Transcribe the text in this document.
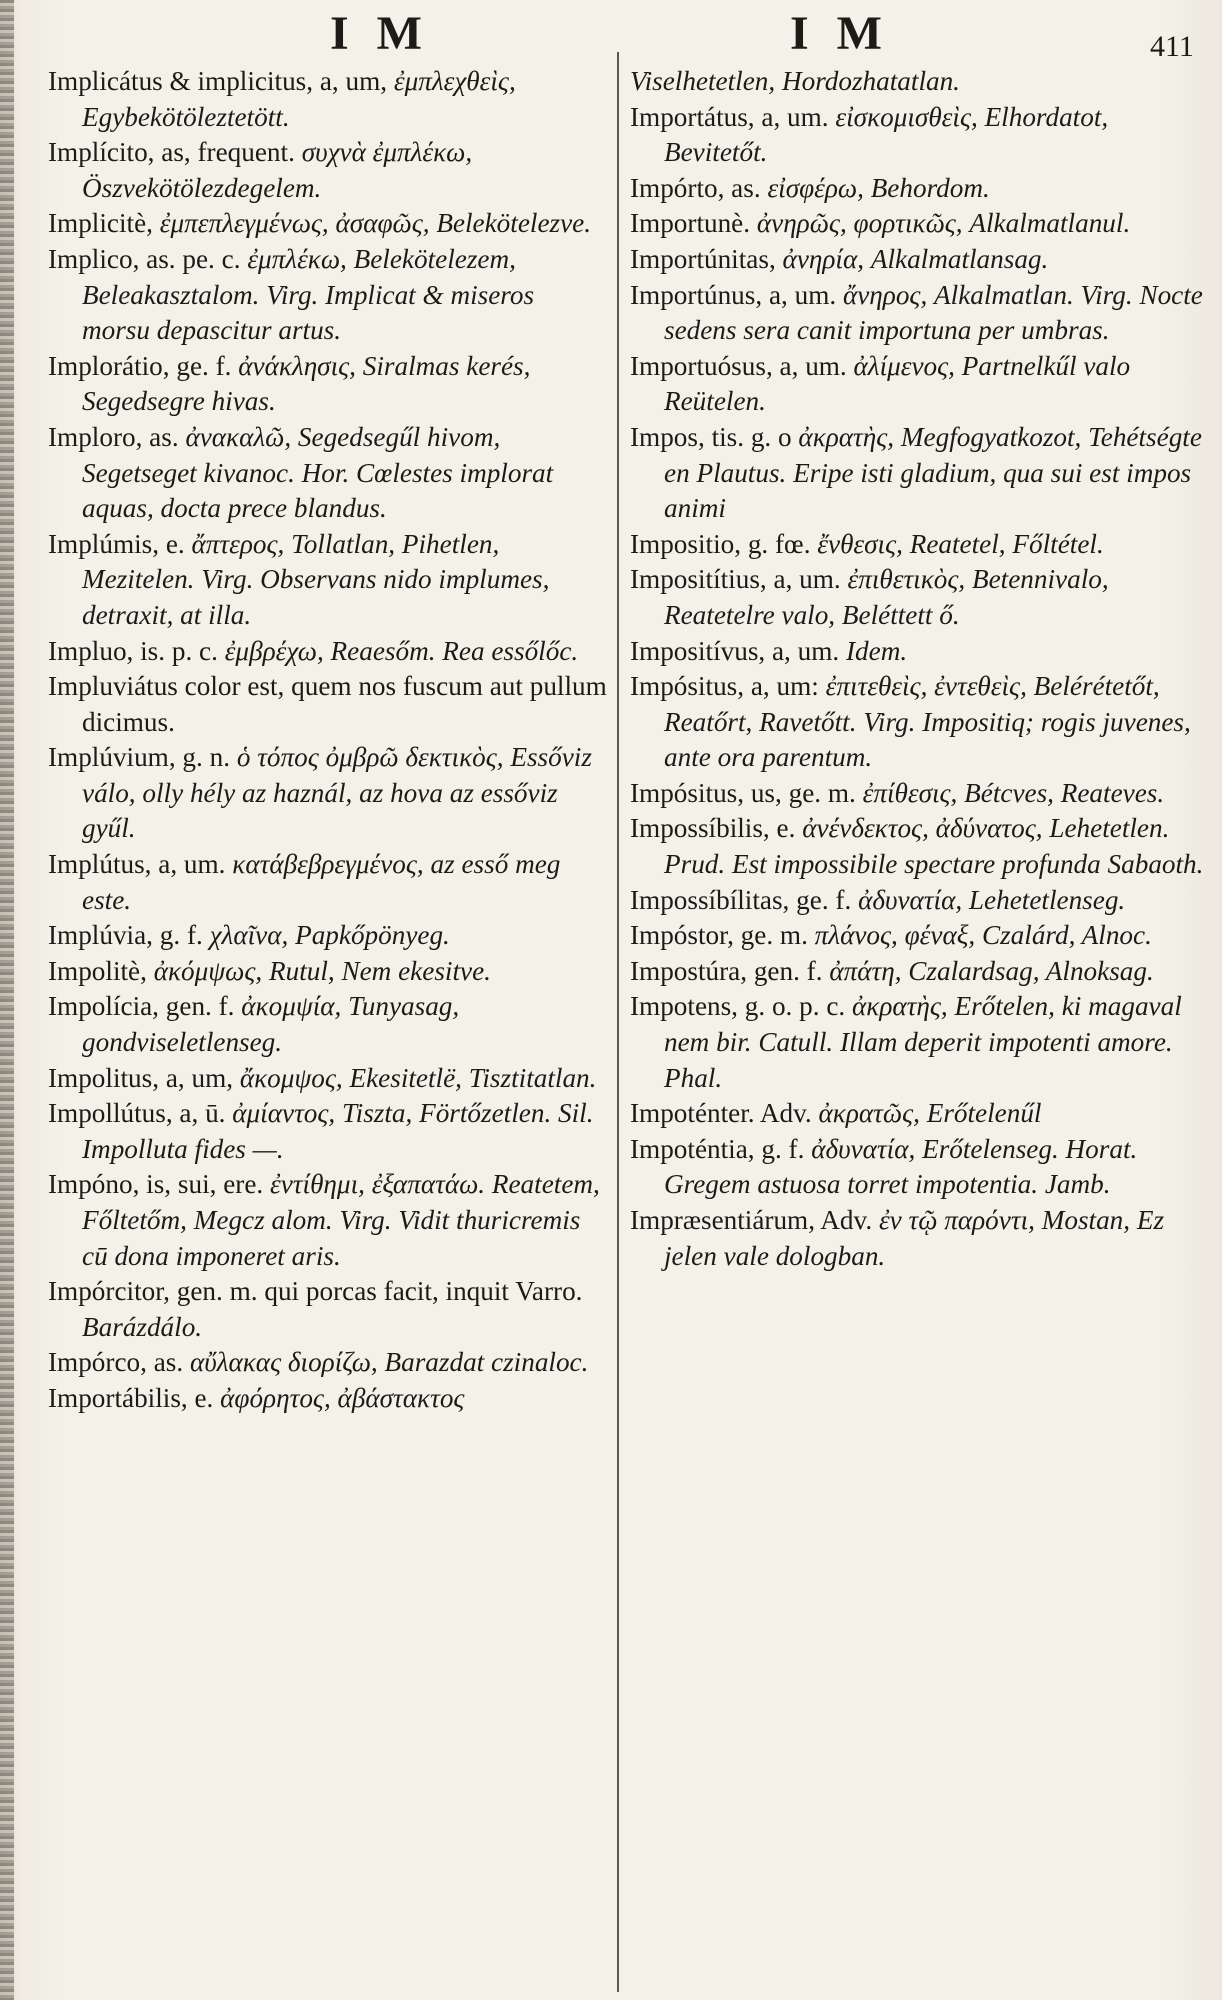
I M	I M	411

Implicátus & implicitus, a, um, ἐμπλεχθεὶς, Egybekötöleztetött.

Implícito, as, frequent. συχνὰ ἐμπλέκω, Öszvekötölezdegelem.

Implicitè, ἐμπεπλεγμένως, ἀσαφῶς, Belekötelezve.

Implico, as. pe. c. ἐμπλέκω, Belekötelezem, Beleakasztalom. Virg. Implicat & miseros morsu depascitur artus.

Implorátio, ge. f. ἀνάκλησις, Siralmas kerés, Segedsegre hivas.

Imploro, as. ἀνακαλῶ, Segedsegűl hivom, Segetseget kivanoc. Hor. Cœlestes implorat aquas, docta prece blandus.

Implúmis, e. ἄπτερος, Tollatlan, Pihetlen, Mezitelen. Virg. Observans nido implumes, detraxit, at illa.

Impluo, is. p. c. ἐμβρέχω, Reaesőm. Rea essőlőc.

Impluviátus color est, quem nos fuscum aut pullum dicimus.

Implúvium, g. n. ὁ τόπος ὀμβρῶ δεκτικὸς, Essőviz válo, olly hély az haznál, az hova az essőviz gyűl.

Implútus, a, um. κατάβεβρεγμένος, az esső meg este.

Implúvia, g. f. χλαῖνα, Papkőpönyeg.

Impolitè, ἀκόμψως, Rutul, Nem ekesitve.

Impolícia, gen. f. ἀκομψία, Tunyasag, gondviseletlenseg.

Impolitus, a, um, ἄκομψος, Ekesitetlë, Tisztitatlan.

Impollútus, a, ū. ἀμίαντος, Tiszta, Förtőzetlen. Sil. Impolluta fides —.

Impóno, is, sui, ere. ἐντίθημι, ἐξαπατάω. Reatetem, Főltetőm, Megcz alom. Virg. Vidit thuricremis cū dona imponeret aris.

Impórcitor, gen. m. qui porcas facit, inquit Varro. Barázdálo.

Impórco, as. αὔλακας διορίζω, Barazdat czinaloc.

Importábilis, e. ἀφόρητος, ἀβάστακτος

Viselhetetlen, Hordozhatatlan.

Importátus, a, um. εἰσκομισθεὶς, Elhordatot, Bevitetőt.

Impórto, as. εἰσφέρω, Behordom.

Importunè. ἀνηρῶς, φορτικῶς, Alkalmatlanul.

Importúnitas, ἀνηρία, Alkalmatlansag.

Importúnus, a, um. ἄνηρος, Alkalmatlan. Virg. Nocte sedens sera canit importuna per umbras.

Importuósus, a, um. ἀλίμενος, Partnelkűl valo Reütelen.

Impos, tis. g. o ἀκρατὴς, Megfogyatkozot, Tehétségte en Plautus. Eripe isti gladium, qua sui est impos animi

Impositio, g. fœ. ἔνθεσις, Reatetel, Főltétel.

Impositítius, a, um. ἐπιθετικὸς, Betennivalo, Reatetelre valo, Beléttett ő.

Impositívus, a, um. Idem.

Impósitus, a, um: ἐπιτεθεὶς, ἐντεθεὶς, Belérétetőt, Reatőrt, Ravetőtt. Virg. Impositiq; rogis juvenes, ante ora parentum.

Impósitus, us, ge. m. ἐπίθεσις, Bétcves, Reateves.

Impossíbilis, e. ἀνένδεκτος, ἀδύνατος, Lehetetlen. Prud. Est impossibile spectare profunda Sabaoth.

Impossíbílitas, ge. f. ἀδυνατία, Lehetetlenseg.

Impóstor, ge. m. πλάνος, φέναξ, Czalárd, Alnoc.

Impostúra, gen. f. ἀπάτη, Czalardsag, Alnoksag.

Impotens, g. o. p. c. ἀκρατὴς, Erőtelen, ki magaval nem bir. Catull. Illam deperit impotenti amore. Phal.

Impoténter. Adv. ἀκρατῶς, Erőtelenűl

Impoténtia, g. f. ἀδυνατία, Erőtelenseg. Horat. Gregem astuosa torret impotentia. Jamb.

Impræsentiárum, Adv. ἐν τῷ παρόντι, Mostan, Ez jelen vale dologban.
